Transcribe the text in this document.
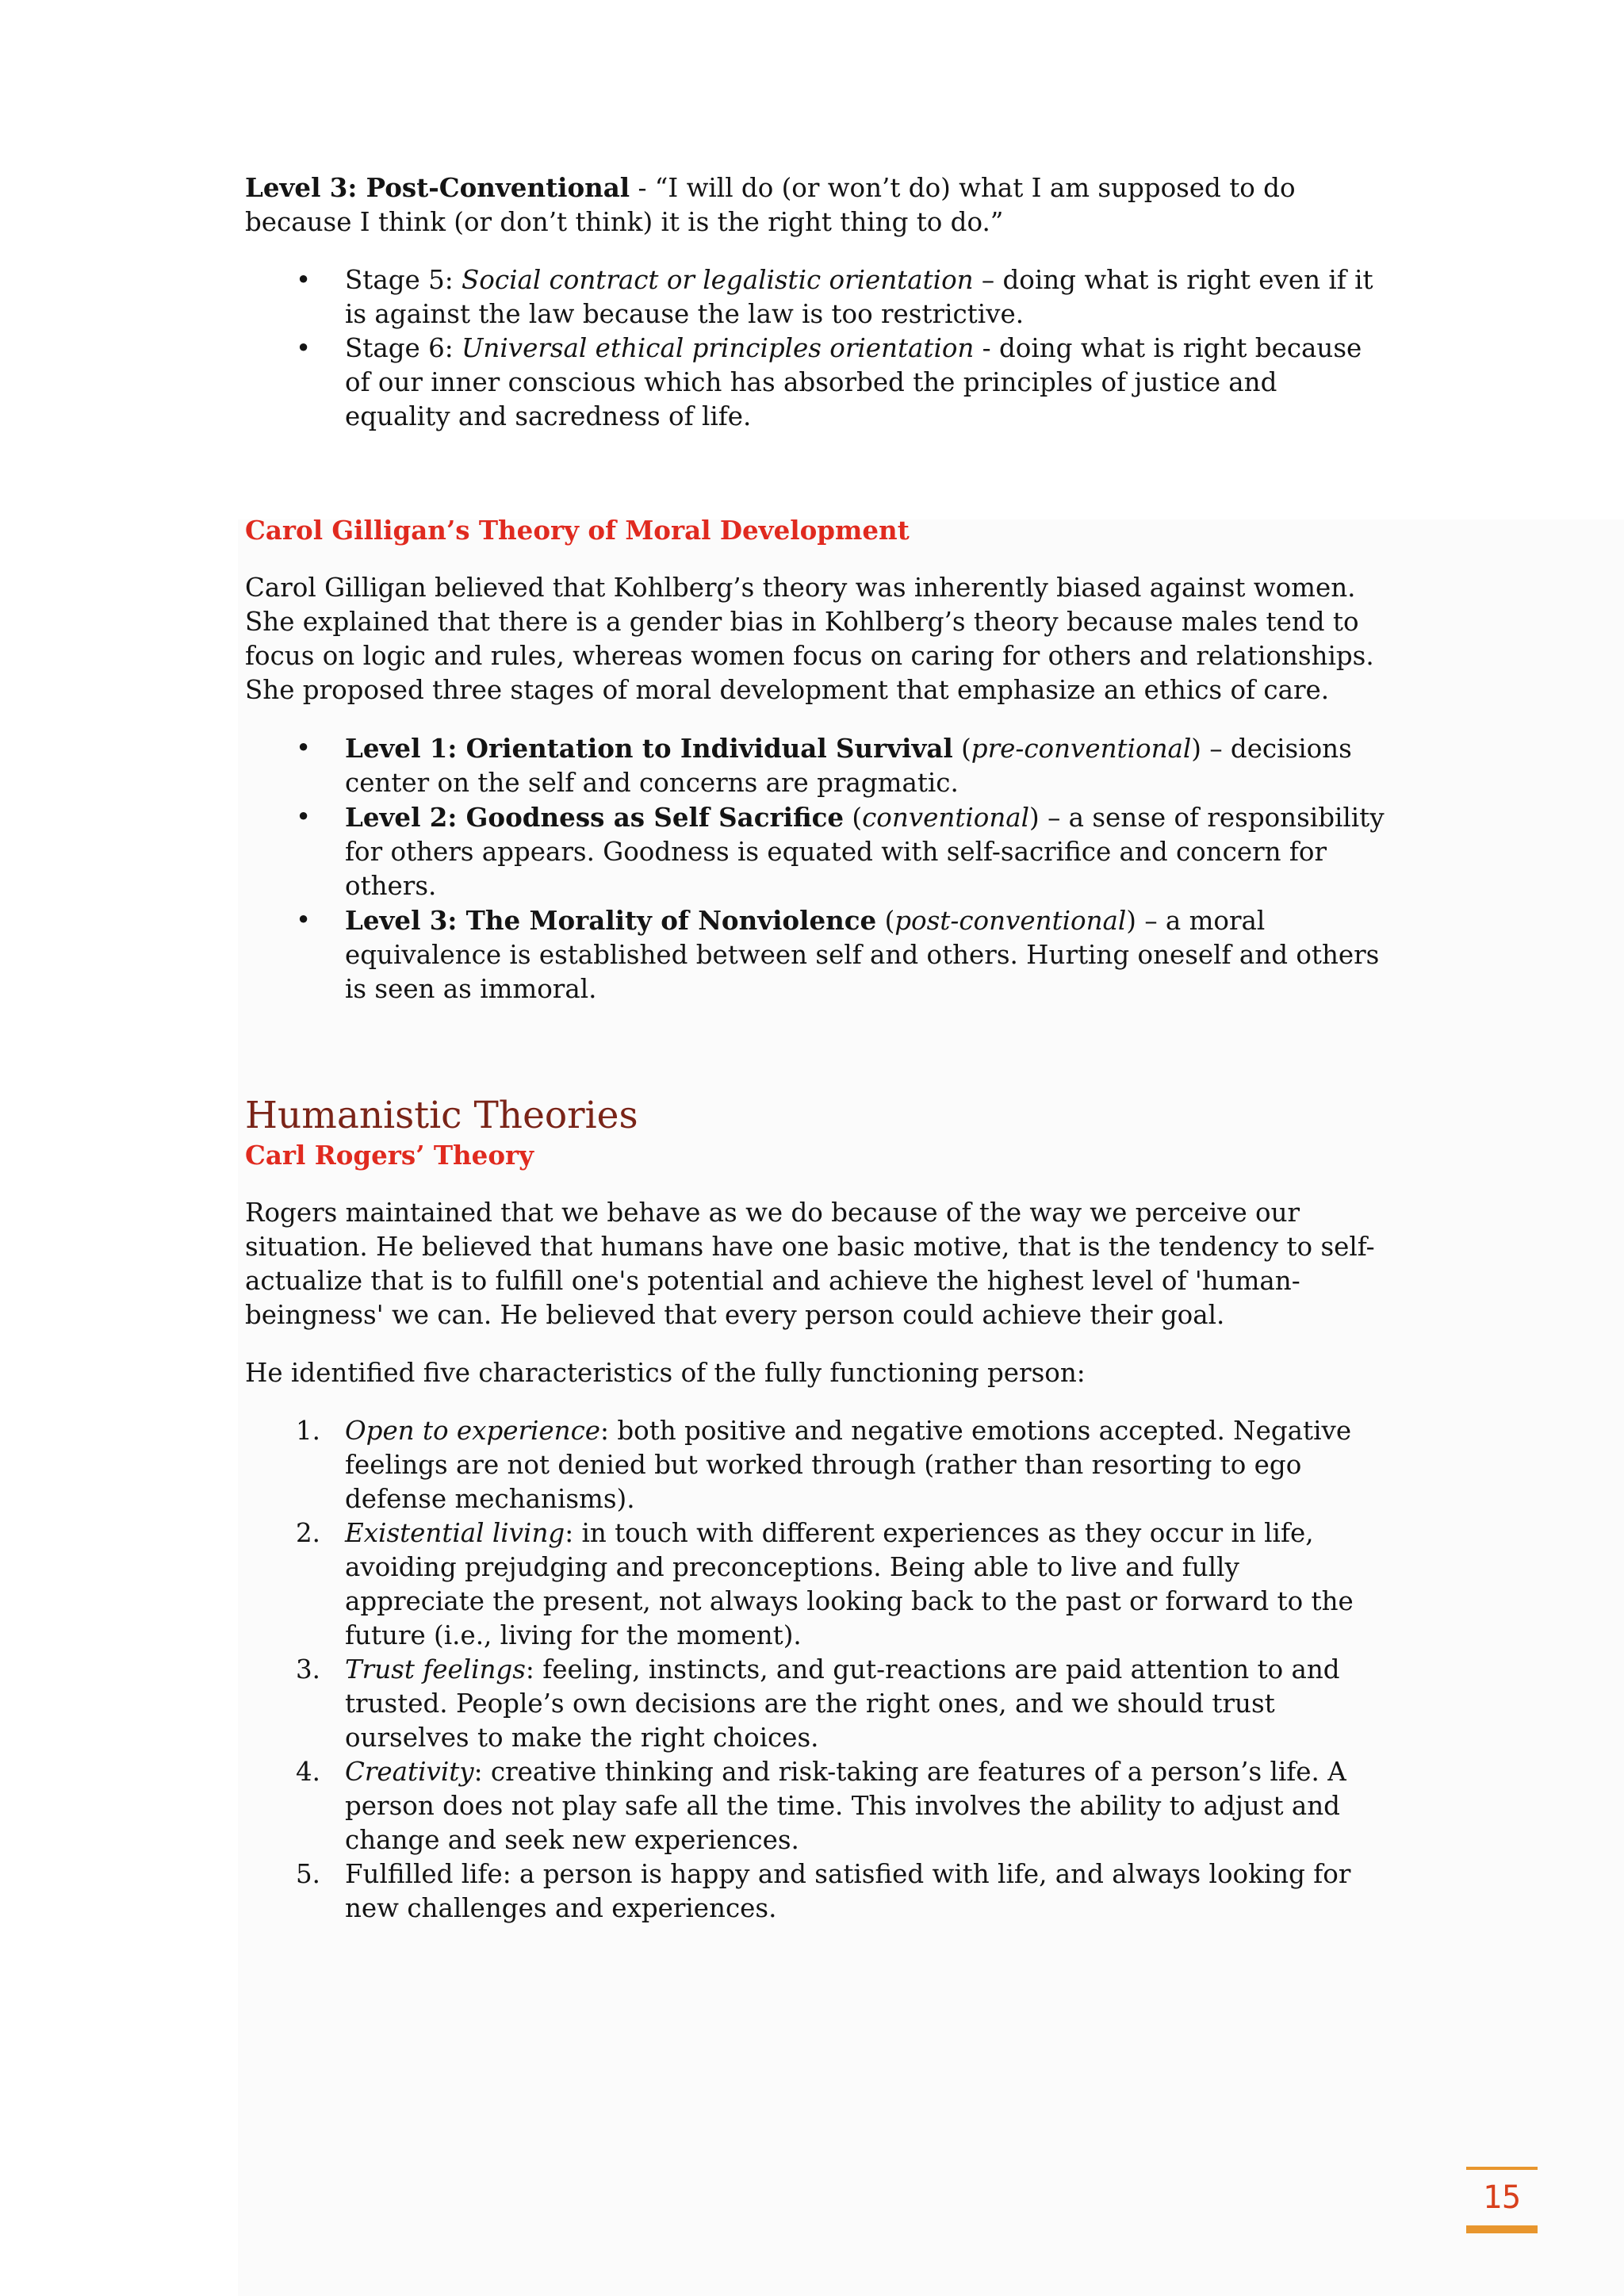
Level 3: Post-Conventional - “I will do (or won’t do) what I am supposed to do because I think (or don’t think) it is the right thing to do.”

• Stage 5: Social contract or legalistic orientation – doing what is right even if it is against the law because the law is too restrictive.
• Stage 6: Universal ethical principles orientation - doing what is right because of our inner conscious which has absorbed the principles of justice and equality and sacredness of life.

Carol Gilligan’s Theory of Moral Development

Carol Gilligan believed that Kohlberg’s theory was inherently biased against women. She explained that there is a gender bias in Kohlberg’s theory because males tend to focus on logic and rules, whereas women focus on caring for others and relationships. She proposed three stages of moral development that emphasize an ethics of care.

• Level 1: Orientation to Individual Survival (pre-conventional) – decisions center on the self and concerns are pragmatic.
• Level 2: Goodness as Self Sacrifice (conventional) – a sense of responsibility for others appears. Goodness is equated with self-sacrifice and concern for others.
• Level 3: The Morality of Nonviolence (post-conventional) – a moral equivalence is established between self and others. Hurting oneself and others is seen as immoral.

Humanistic Theories

Carl Rogers’ Theory

Rogers maintained that we behave as we do because of the way we perceive our situation. He believed that humans have one basic motive, that is the tendency to self-actualize that is to fulfill one's potential and achieve the highest level of 'human-beingness' we can. He believed that every person could achieve their goal.

He identified five characteristics of the fully functioning person:

1. Open to experience: both positive and negative emotions accepted. Negative feelings are not denied but worked through (rather than resorting to ego defense mechanisms).
2. Existential living: in touch with different experiences as they occur in life, avoiding prejudging and preconceptions. Being able to live and fully appreciate the present, not always looking back to the past or forward to the future (i.e., living for the moment).
3. Trust feelings: feeling, instincts, and gut-reactions are paid attention to and trusted. People’s own decisions are the right ones, and we should trust ourselves to make the right choices.
4. Creativity: creative thinking and risk-taking are features of a person’s life. A person does not play safe all the time. This involves the ability to adjust and change and seek new experiences.
5. Fulfilled life: a person is happy and satisfied with life, and always looking for new challenges and experiences.
15
